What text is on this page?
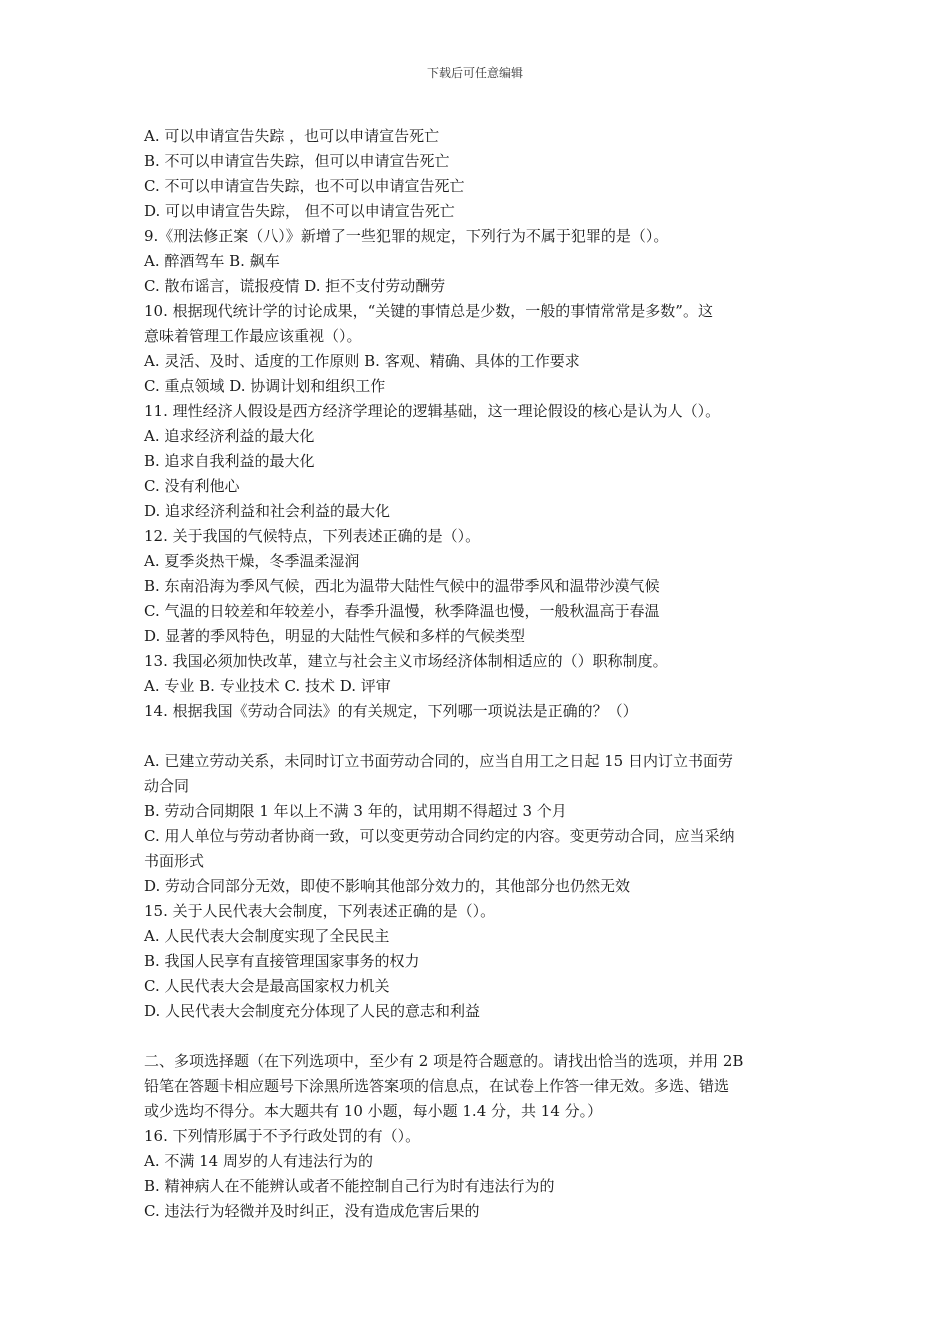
下载后可任意编辑
A. 可以申请宣告失踪 ，也可以申请宣告死亡
B. 不可以申请宣告失踪，但可以申请宣告死亡
C. 不可以申请宣告失踪，也不可以申请宣告死亡
D. 可以申请宣告失踪， 但不可以申请宣告死亡
9.《刑法修正案（八）》新增了一些犯罪的规定，下列行为不属于犯罪的是（）。
A. 醉酒驾车 B. 飙车
C. 散布谣言，谎报疫情 D. 拒不支付劳动酬劳
10. 根据现代统计学的讨论成果，“关键的事情总是少数，一般的事情常常是多数”。这
意味着管理工作最应该重视（）。
A. 灵活、及时、适度的工作原则 B. 客观、精确、具体的工作要求
C. 重点领域 D. 协调计划和组织工作
11. 理性经济人假设是西方经济学理论的逻辑基础，这一理论假设的核心是认为人（）。
A. 追求经济利益的最大化
B. 追求自我利益的最大化
C. 没有利他心
D. 追求经济利益和社会利益的最大化
12. 关于我国的气候特点，下列表述正确的是（）。
A. 夏季炎热干燥，冬季温柔湿润
B. 东南沿海为季风气候，西北为温带大陆性气候中的温带季风和温带沙漠气候
C. 气温的日较差和年较差小，春季升温慢，秋季降温也慢，一般秋温高于春温
D. 显著的季风特色，明显的大陆性气候和多样的气候类型
13. 我国必须加快改革，建立与社会主义市场经济体制相适应的（）职称制度。
A. 专业 B. 专业技术 C. 技术 D. 评审
14. 根据我国《劳动合同法》的有关规定，下列哪一项说法是正确的？（）
A. 已建立劳动关系，未同时订立书面劳动合同的，应当自用工之日起 15 日内订立书面劳
动合同
B. 劳动合同期限 1 年以上不满 3 年的，试用期不得超过 3 个月
C. 用人单位与劳动者协商一致，可以变更劳动合同约定的内容。变更劳动合同，应当采纳
书面形式
D. 劳动合同部分无效，即使不影响其他部分效力的，其他部分也仍然无效
15. 关于人民代表大会制度，下列表述正确的是（）。
A. 人民代表大会制度实现了全民民主
B. 我国人民享有直接管理国家事务的权力
C. 人民代表大会是最高国家权力机关
D. 人民代表大会制度充分体现了人民的意志和利益
二、多项选择题（在下列选项中，至少有 2 项是符合题意的。请找出恰当的选项，并用 2B
铅笔在答题卡相应题号下涂黑所选答案项的信息点，在试卷上作答一律无效。多选、错选
或少选均不得分。本大题共有 10 小题，每小题 1.4 分，共 14 分。）
16. 下列情形属于不予行政处罚的有（）。
A. 不满 14 周岁的人有违法行为的
B. 精神病人在不能辨认或者不能控制自己行为时有违法行为的
C. 违法行为轻微并及时纠正，没有造成危害后果的
